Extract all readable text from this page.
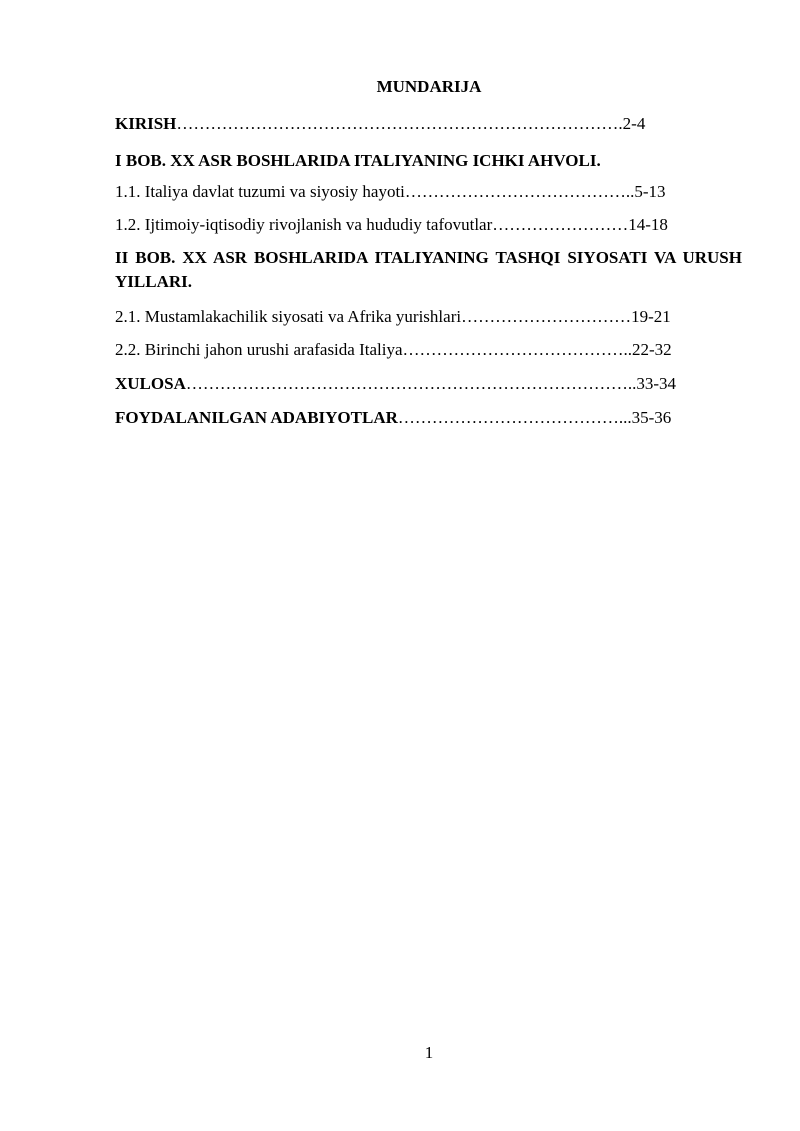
MUNDARIJA
KIRISH…………………………………………………………………….2-4
I BOB. XX ASR BOSHLARIDA ITALIYANING ICHKI AHVOLI.
1.1. Italiya davlat tuzumi va siyosiy hayoti…………………………………..5-13
1.2. Ijtimoiy-iqtisodiy rivojlanish va hududiy tafovutlar……………………14-18
II BOB. XX ASR BOSHLARIDA ITALIYANING TASHQI SIYOSATI VA URUSH YILLARI.
2.1. Mustamlakachilik siyosati va Afrika yurishlari…………………………19-21
2.2. Birinchi jahon urushi arafasida Italiya…………………………………..22-32
XULOSA……………………………………………………………………..33-34
FOYDALANILGAN ADABIYOTLAR…………………………………...35-36
1
